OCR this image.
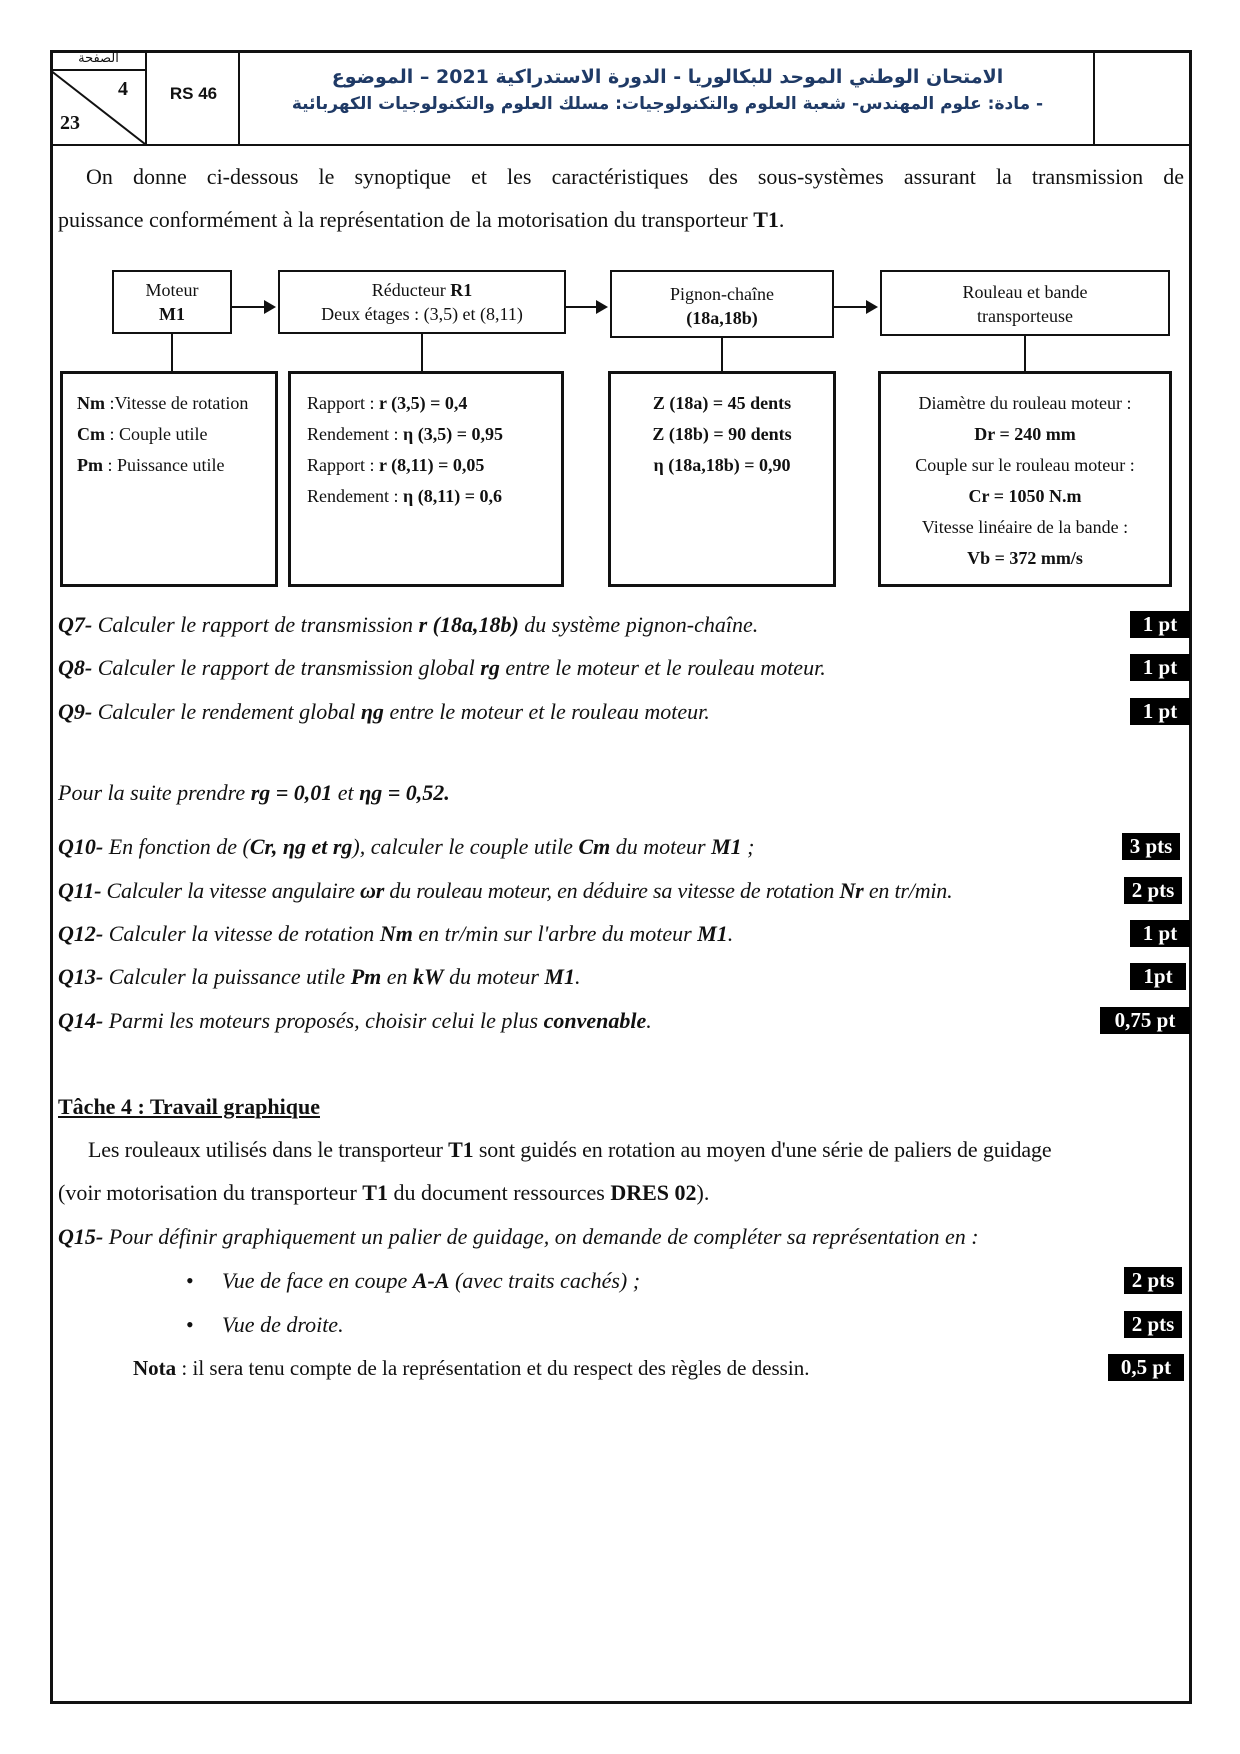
الصفحة
4
23
RS 46
الامتحان الوطني الموحد للبكالوريا - الدورة الاستدراكية 2021 – الموضوع
- مادة: علوم المهندس- شعبة العلوم والتكنولوجيات: مسلك العلوم والتكنولوجيات الكهربائية
On donne ci-dessous le synoptique et les caractéristiques des sous-systèmes assurant la transmission de
puissance conformément à la représentation de la motorisation du transporteur T1.
Moteur
M1
Réducteur R1
Deux étages : (3,5) et (8,11)
Pignon-chaîne
(18a,18b)
Rouleau et bande
transporteuse
Nm :Vitesse de rotation
Cm : Couple utile
Pm : Puissance utile
Rapport : r (3,5) = 0,4
Rendement : η (3,5) = 0,95
Rapport : r (8,11) = 0,05
Rendement : η (8,11) = 0,6
Z (18a) = 45 dents
Z (18b) = 90 dents
η (18a,18b) = 0,90
Diamètre du rouleau moteur :
Dr = 240 mm
Couple sur le rouleau moteur :
Cr = 1050 N.m
Vitesse linéaire de la bande :
Vb = 372 mm/s
Q7- Calculer le rapport de transmission r (18a,18b) du système pignon-chaîne.	1 pt
Q8- Calculer le rapport de transmission global rg entre le moteur et le rouleau moteur.	1 pt
Q9- Calculer le rendement global ηg entre le moteur et le rouleau moteur.	1 pt
Pour la suite prendre rg = 0,01 et ηg = 0,52.
Q10- En fonction de (Cr, ηg et rg), calculer le couple utile Cm du moteur M1 ;	3 pts
Q11- Calculer la vitesse angulaire ωr du rouleau moteur, en déduire sa vitesse de rotation Nr en tr/min.	2 pts
Q12- Calculer la vitesse de rotation Nm en tr/min sur l'arbre du moteur M1.	1 pt
Q13- Calculer la puissance utile Pm en kW du moteur M1.	1pt
Q14- Parmi les moteurs proposés, choisir celui le plus convenable.	0,75 pt
Tâche 4 : Travail graphique
Les rouleaux utilisés dans le transporteur T1 sont guidés en rotation au moyen d'une série de paliers de guidage
(voir motorisation du transporteur T1 du document ressources DRES 02).
Q15- Pour définir graphiquement un palier de guidage, on demande de compléter sa représentation en :
• Vue de face en coupe A-A (avec traits cachés) ;	2 pts
• Vue de droite.	2 pts
Nota : il sera tenu compte de la représentation et du respect des règles de dessin.	0,5 pt
